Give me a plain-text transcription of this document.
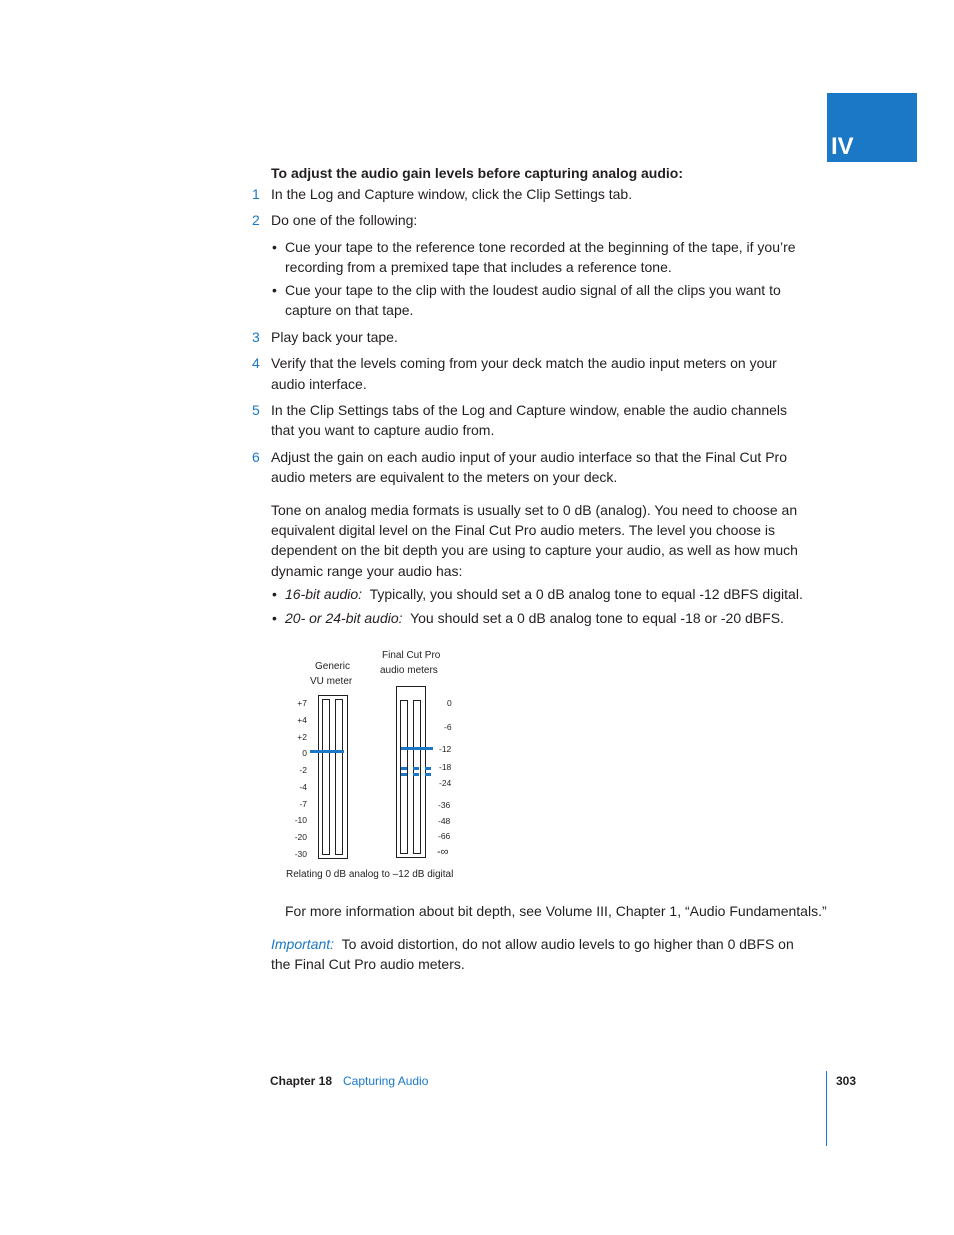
IV
To adjust the audio gain levels before capturing analog audio:
1 In the Log and Capture window, click the Clip Settings tab.
2 Do one of the following:
• Cue your tape to the reference tone recorded at the beginning of the tape, if you’re
recording from a premixed tape that includes a reference tone.
• Cue your tape to the clip with the loudest audio signal of all the clips you want to
capture on that tape.
3 Play back your tape.
4 Verify that the levels coming from your deck match the audio input meters on your
audio interface.
5 In the Clip Settings tabs of the Log and Capture window, enable the audio channels
that you want to capture audio from.
6 Adjust the gain on each audio input of your audio interface so that the Final Cut Pro
audio meters are equivalent to the meters on your deck.
Tone on analog media formats is usually set to 0 dB (analog). You need to choose an
equivalent digital level on the Final Cut Pro audio meters. The level you choose is
dependent on the bit depth you are using to capture your audio, as well as how much
dynamic range your audio has:
• 16-bit audio: Typically, you should set a 0 dB analog tone to equal -12 dBFS digital.
• 20- or 24-bit audio: You should set a 0 dB analog tone to equal -18 or -20 dBFS.
Generic
VU meter
Final Cut Pro
audio meters
+7
+4
+2
0
-2
-4
-7
-10
-20
-30
0
-6
-12
-18
-24
-36
-48
-66
-∞
Relating 0 dB analog to –12 dB digital
For more information about bit depth, see Volume III, Chapter 1, “Audio Fundamentals.”
Important: To avoid distortion, do not allow audio levels to go higher than 0 dBFS on
the Final Cut Pro audio meters.
Chapter 18 Capturing Audio	303
